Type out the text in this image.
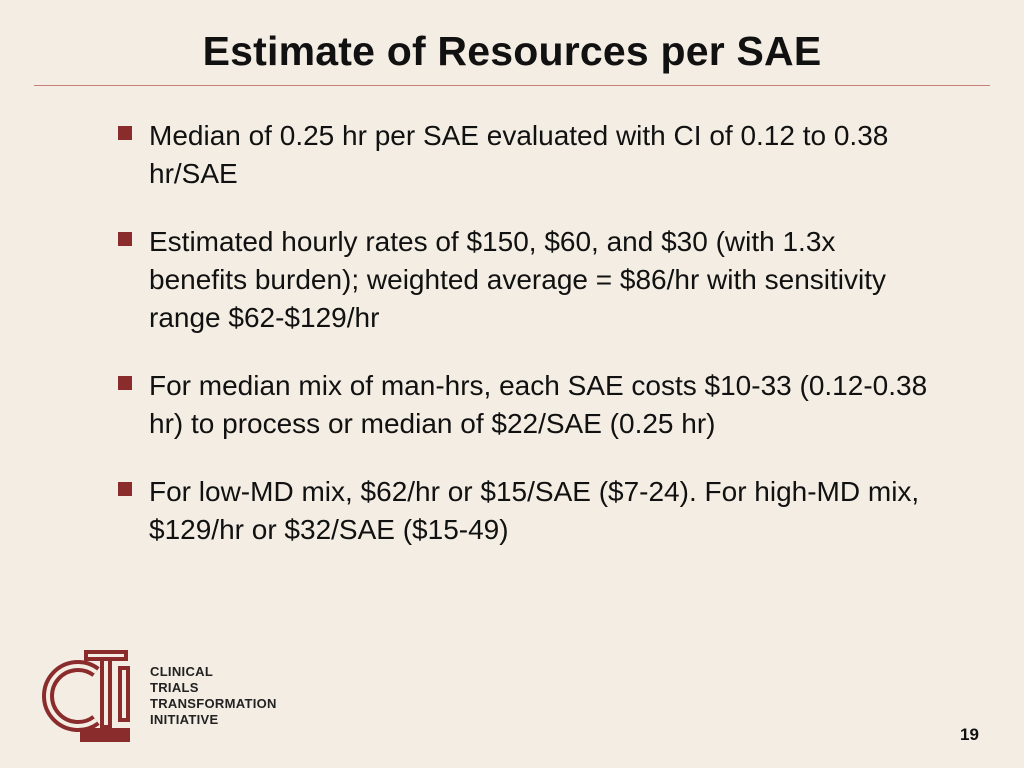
Estimate of Resources per SAE
Median of 0.25 hr per SAE evaluated with CI of 0.12 to 0.38 hr/SAE
Estimated hourly rates of $150, $60, and $30 (with 1.3x benefits burden); weighted average = $86/hr with sensitivity range $62-$129/hr
For median mix of man-hrs, each SAE costs $10-33 (0.12-0.38 hr) to process or median of $22/SAE (0.25 hr)
For low-MD mix, $62/hr or $15/SAE ($7-24). For high-MD mix, $129/hr or $32/SAE ($15-49)
CLINICAL
TRIALS
TRANSFORMATION
INITIATIVE
19
